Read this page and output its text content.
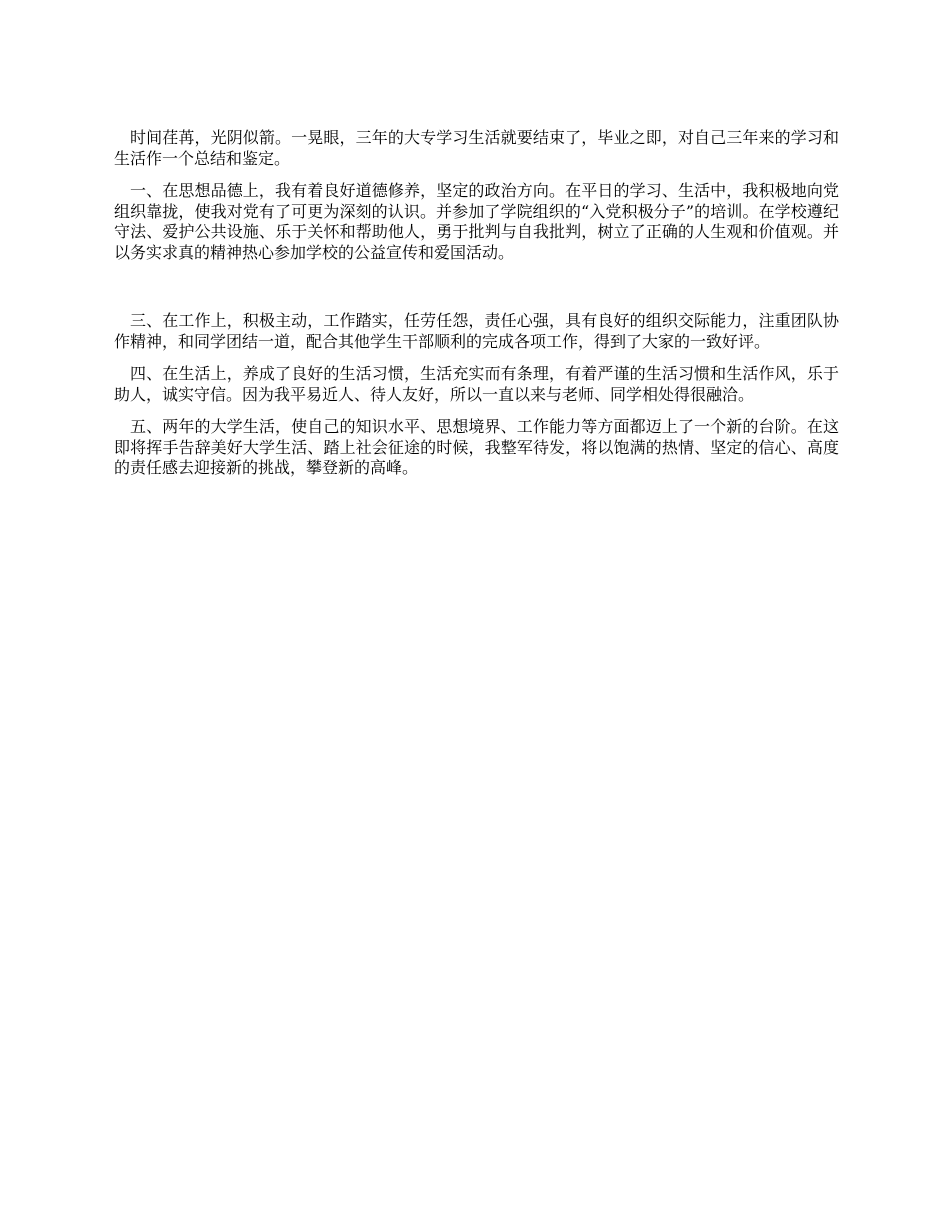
时间荏苒，光阴似箭。一晃眼，三年的大专学习生活就要结束了，毕业之即，对自己三年来的学习和生活作一个总结和鉴定。

一、在思想品德上，我有着良好道德修养，坚定的政治方向。在平日的学习、生活中，我积极地向党组织靠拢，使我对党有了可更为深刻的认识。并参加了学院组织的“入党积极分子”的培训。在学校遵纪守法、爱护公共设施、乐于关怀和帮助他人，勇于批判与自我批判，树立了正确的人生观和价值观。并以务实求真的精神热心参加学校的公益宣传和爱国活动。

三、在工作上，积极主动，工作踏实，任劳任怨，责任心强，具有良好的组织交际能力，注重团队协作精神，和同学团结一道，配合其他学生干部顺利的完成各项工作，得到了大家的一致好评。

四、在生活上，养成了良好的生活习惯，生活充实而有条理，有着严谨的生活习惯和生活作风，乐于助人，诚实守信。因为我平易近人、待人友好，所以一直以来与老师、同学相处得很融洽。

五、两年的大学生活，使自己的知识水平、思想境界、工作能力等方面都迈上了一个新的台阶。在这即将挥手告辞美好大学生活、踏上社会征途的时候，我整军待发，将以饱满的热情、坚定的信心、高度的责任感去迎接新的挑战，攀登新的高峰。
